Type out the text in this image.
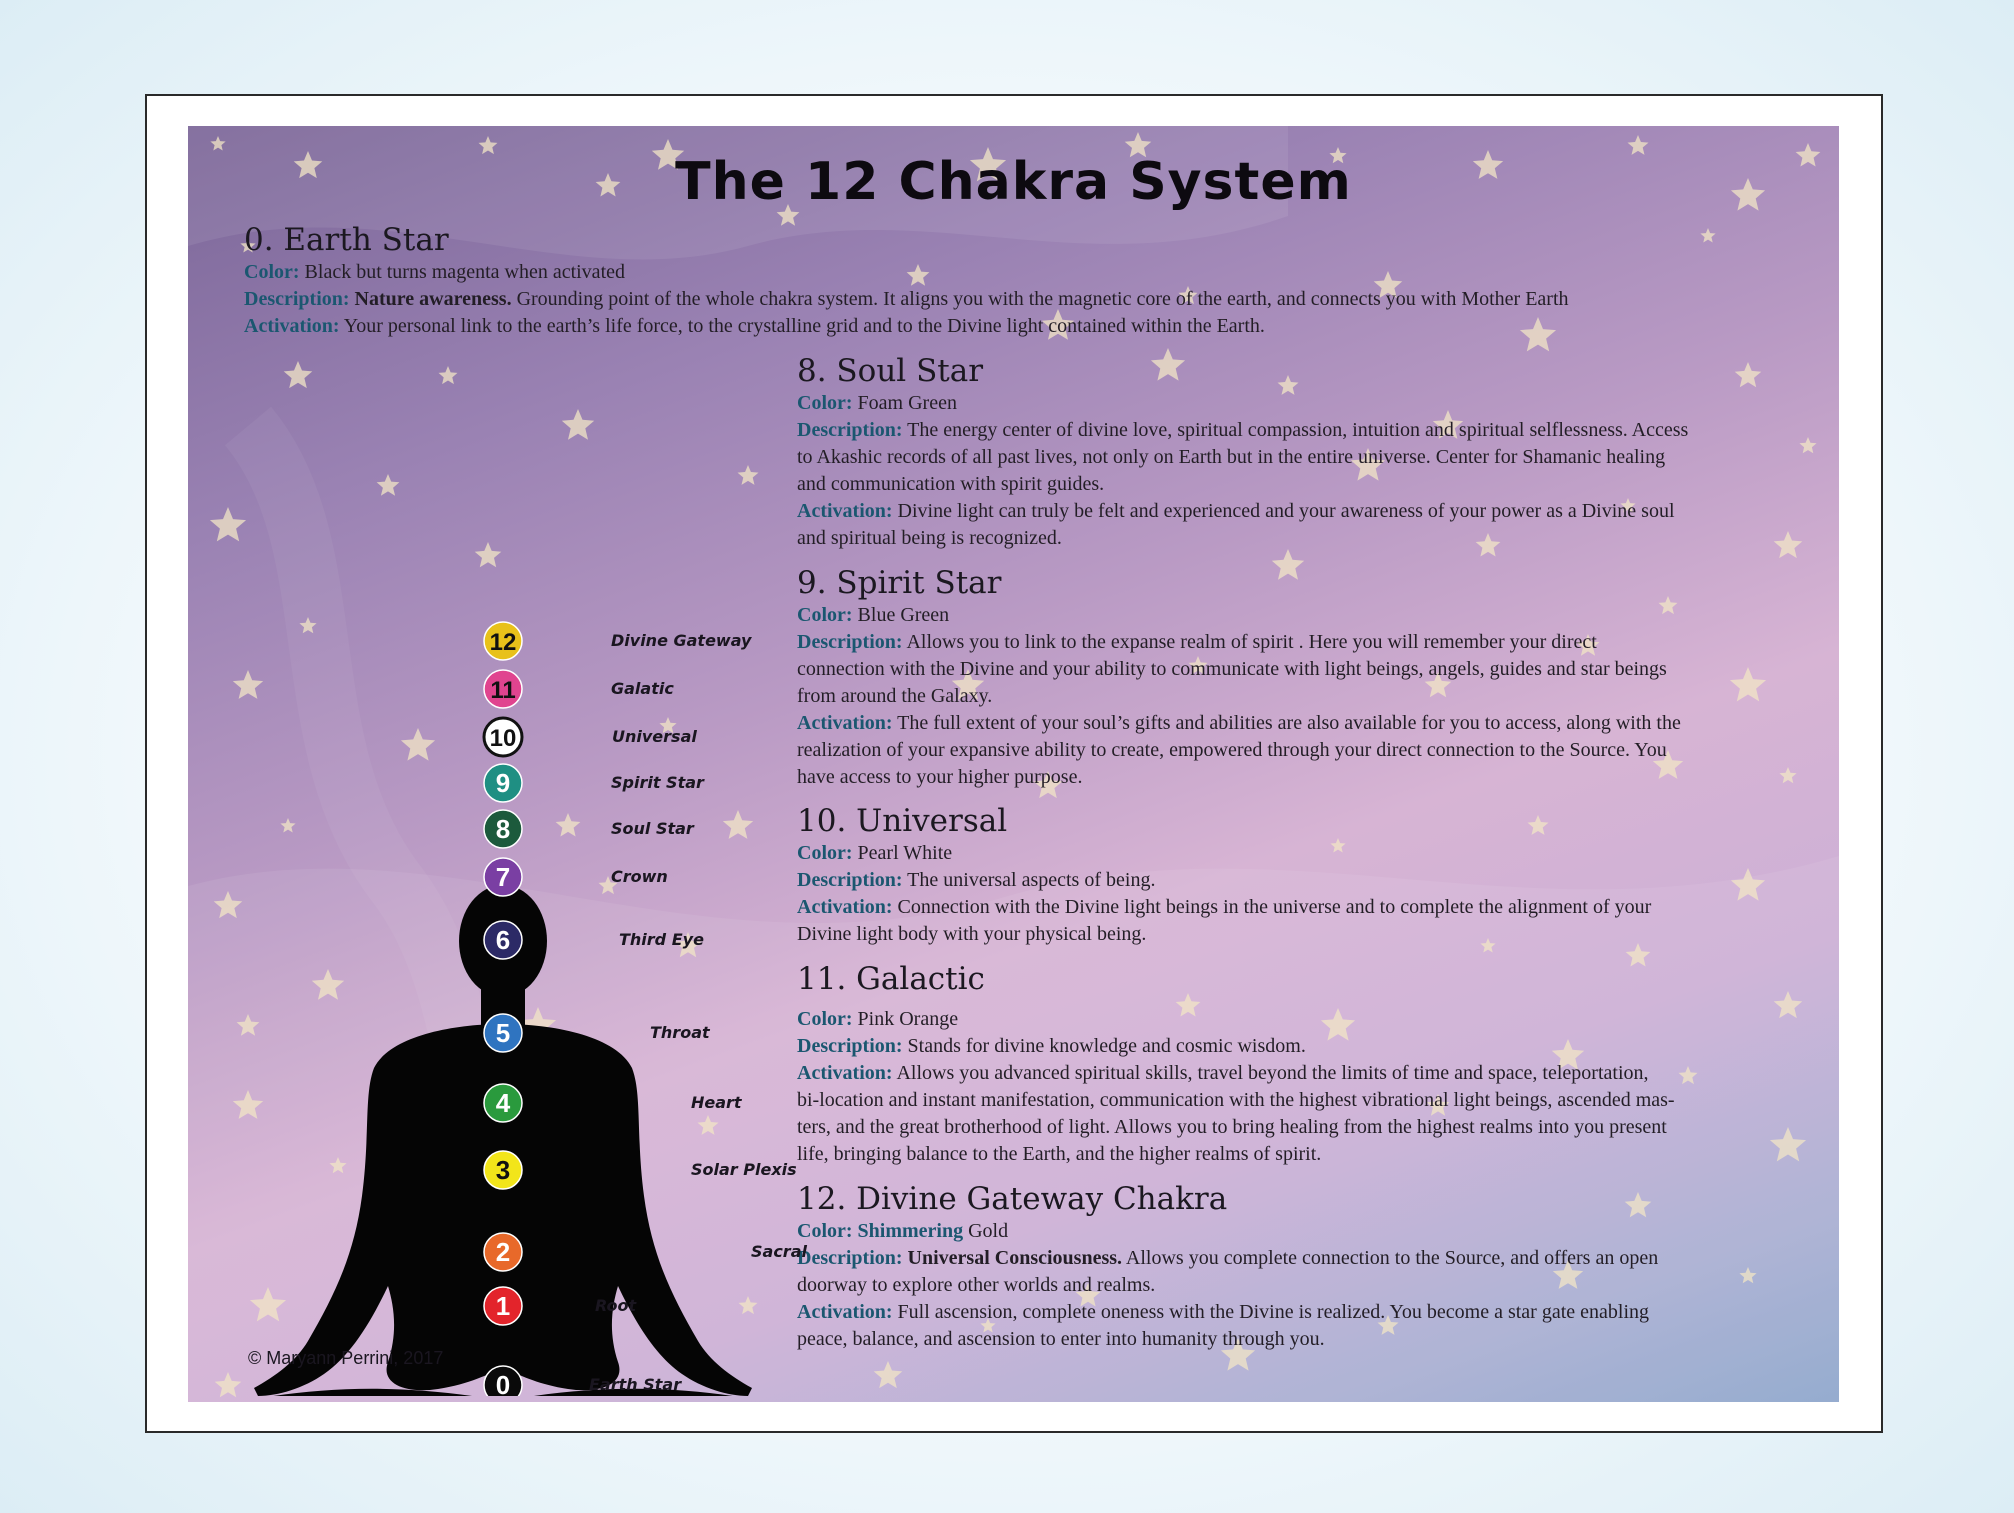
The 12 Chakra System
0. Earth Star

Color: Black but turns magenta when activated

Description: Nature awareness. Grounding point of the whole chakra system. It aligns you with the magnetic core of the earth, and connects you with Mother Earth

Activation: Your personal link to the earth’s life force, to the crystalline grid and to the Divine light contained within the Earth.

8. Soul Star

Color: Foam Green

Description: The energy center of divine love, spiritual compassion, intuition and spiritual selflessness. Access

to Akashic records of all past lives, not only on Earth but in the entire universe. Center for Shamanic healing

and communication with spirit guides.

Activation: Divine light can truly be felt and experienced and your awareness of your power as a Divine soul

and spiritual being is recognized.

9. Spirit Star

Color: Blue Green

Description: Allows you to link to the expanse realm of spirit . Here you will remember your direct

connection with the Divine and your ability to communicate with light beings, angels, guides and star beings

from around the Galaxy.

Activation: The full extent of your soul’s gifts and abilities are also available for you to access, along with the

realization of your expansive ability to create, empowered through your direct connection to the Source. You

have access to your higher purpose.

10. Universal

Color: Pearl White

Description: The universal aspects of being.

Activation: Connection with the Divine light beings in the universe and to complete the alignment of your

Divine light body with your physical being.

11. Galactic

Color: Pink Orange

Description: Stands for divine knowledge and cosmic wisdom.

Activation: Allows you advanced spiritual skills, travel beyond the limits of time and space, teleportation,

bi-location and instant manifestation, communication with the highest vibrational light beings, ascended mas-

ters, and the great brotherhood of light. Allows you to bring healing from the highest realms into you present

life, bringing balance to the Earth, and the higher realms of spirit.

12. Divine Gateway Chakra

Color: Shimmering Gold

Description: Universal Consciousness. Allows you complete connection to the Source, and offers an open

doorway to explore other worlds and realms.

Activation: Full ascension, complete oneness with the Divine is realized. You become a star gate enabling

peace, balance, and ascension to enter into humanity through you.

12
11
10
9
8
7
6
5
4
3
2
1
0
Divine Gateway
Galatic
Universal
Spirit Star
Soul Star
Crown
Third Eye
Throat
Heart
Solar Plexis
Sacral
Root
Earth Star
© Maryann Perrini, 2017
